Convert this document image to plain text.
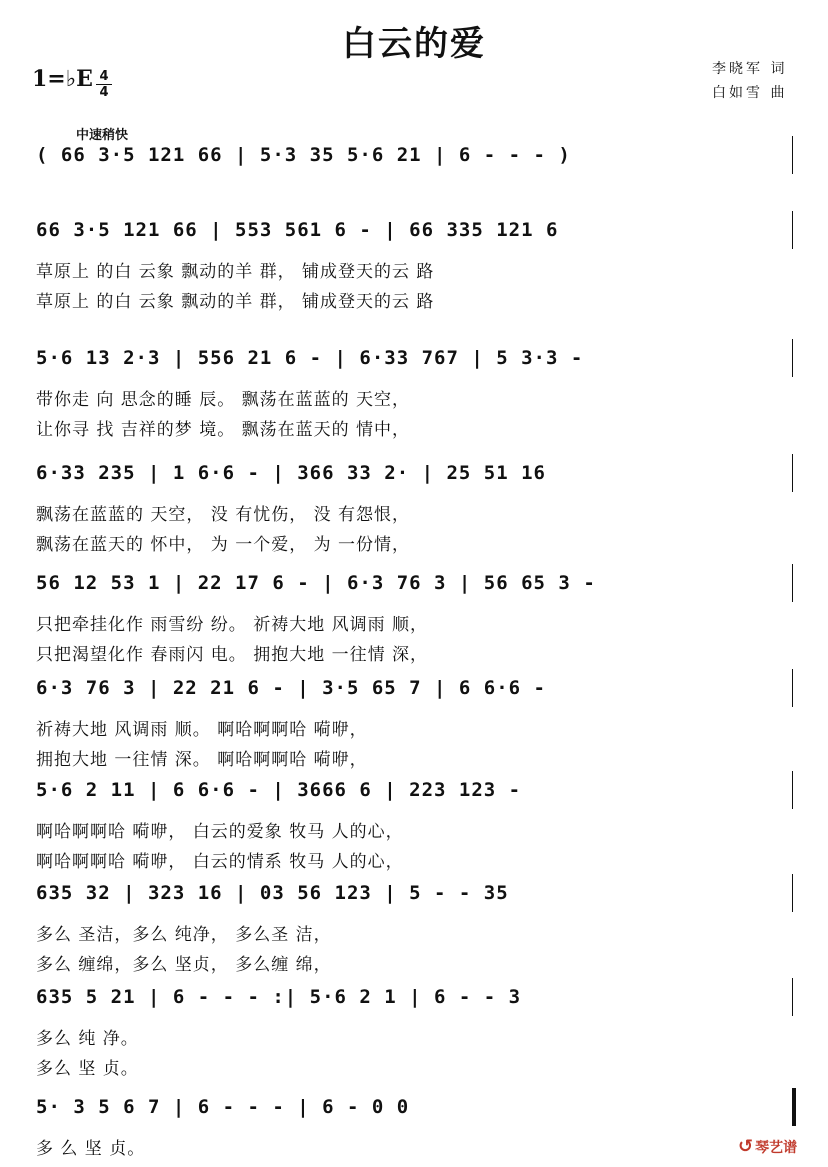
白云的爱
1=♭E 4
4
李晓军 词
白如雪 曲
中速稍快
( 66 3·5 121 66 | 5·3 35 5·6 21 | 6 - - - )
66 3·5 121 66 | 553 561 6 - | 66 335 121 6
草原上 的白 云象 飘动的羊 群， 铺成登天的云 路
草原上 的白 云象 飘动的羊 群， 铺成登天的云 路
5·6 13 2·3 | 556 21 6 - | 6·33 767 | 5 3·3 -
带你走 向 思念的睡 辰。 飘荡在蓝蓝的 天空，
让你寻 找 吉祥的梦 境。 飘荡在蓝天的 情中，
6·33 235 | 1 6·6 - | 366 33 2· | 25 51 16
飘荡在蓝蓝的 天空， 没 有忧伤， 没 有怨恨，
飘荡在蓝天的 怀中， 为 一个爱， 为 一份情，
56 12 53 1 | 22 17 6 - | 6·3 76 3 | 56 65 3 -
只把牵挂化作 雨雪纷 纷。 祈祷大地 风调雨 顺，
只把渴望化作 春雨闪 电。 拥抱大地 一往情 深，
6·3 76 3 | 22 21 6 - | 3·5 65 7 | 6 6·6 -
祈祷大地 风调雨 顺。 啊哈啊啊哈 嗬咿，
拥抱大地 一往情 深。 啊哈啊啊哈 嗬咿，
5·6 2 11 | 6 6·6 - | 3666 6 | 223 123 -
啊哈啊啊哈 嗬咿， 白云的爱象 牧马 人的心，
啊哈啊啊哈 嗬咿， 白云的情系 牧马 人的心，
635 32 | 323 16 | 03 56 123 | 5 - - 35
多么 圣洁，多么 纯净， 多么圣 洁，
多么 缠绵，多么 坚贞， 多么缠 绵，
635 5 21 | 6 - - - :| 5·6 2 1 | 6 - - 3
多么 纯 净。
多么 坚 贞。
5· 3 5 6 7 | 6 - - - | 6 - 0 0
多 么 坚 贞。	↺ 琴艺谱
